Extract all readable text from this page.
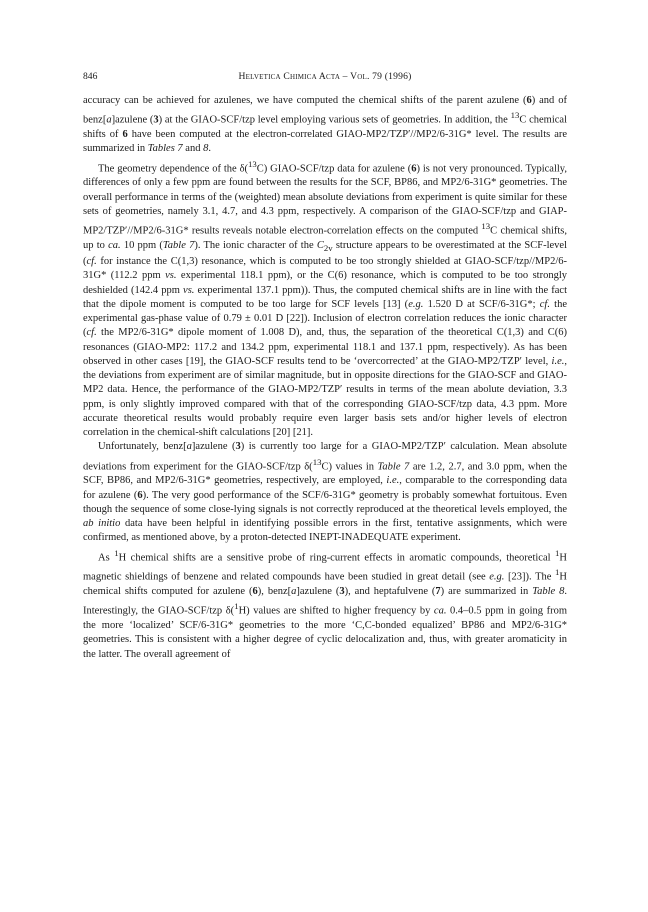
846	Helvetica Chimica Acta – Vol. 79 (1996)

accuracy can be achieved for azulenes, we have computed the chemical shifts of the parent azulene (6) and of benz[a]azulene (3) at the GIAO-SCF/tzp level employing various sets of geometries. In addition, the $^{13}$C chemical shifts of 6 have been computed at the electron-correlated GIAO-MP2/TZP′//MP2/6-31G* level. The results are summarized in Tables 7 and 8.

The geometry dependence of the δ($^{13}$C) GIAO-SCF/tzp data for azulene (6) is not very pronounced. Typically, differences of only a few ppm are found between the results for the SCF, BP86, and MP2/6-31G* geometries. The overall performance in terms of the (weighted) mean absolute deviations from experiment is quite similar for these sets of geometries, namely 3.1, 4.7, and 4.3 ppm, respectively. A comparison of the GIAO-SCF/tzp and GIAP-MP2/TZP′//MP2/6-31G* results reveals notable electron-correlation effects on the computed $^{13}$C chemical shifts, up to ca. 10 ppm (Table 7). The ionic character of the $C_{2v}$ structure appears to be overestimated at the SCF-level (cf. for instance the C(1,3) resonance, which is computed to be too strongly shielded at GIAO-SCF/tzp//MP2/6-31G* (112.2 ppm vs. experimental 118.1 ppm), or the C(6) resonance, which is computed to be too strongly deshielded (142.4 ppm vs. experimental 137.1 ppm)). Thus, the computed chemical shifts are in line with the fact that the dipole moment is computed to be too large for SCF levels [13] (e.g. 1.520 D at SCF/6-31G*; cf. the experimental gas-phase value of 0.79 ± 0.01 D [22]). Inclusion of electron correlation reduces the ionic character (cf. the MP2/6-31G* dipole moment of 1.008 D), and, thus, the separation of the theoretical C(1,3) and C(6) resonances (GIAO-MP2: 117.2 and 134.2 ppm, experimental 118.1 and 137.1 ppm, respectively). As has been observed in other cases [19], the GIAO-SCF results tend to be ‘overcorrected’ at the GIAO-MP2/TZP′ level, i.e., the deviations from experiment are of similar magnitude, but in opposite directions for the GIAO-SCF and GIAO-MP2 data. Hence, the performance of the GIAO-MP2/TZP′ results in terms of the mean abolute deviation, 3.3 ppm, is only slightly improved compared with that of the corresponding GIAO-SCF/tzp data, 4.3 ppm. More accurate theoretical results would probably require even larger basis sets and/or higher levels of electron correlation in the chemical-shift calculations [20] [21].

Unfortunately, benz[a]azulene (3) is currently too large for a GIAO-MP2/TZP′ calculation. Mean absolute deviations from experiment for the GIAO-SCF/tzp δ($^{13}$C) values in Table 7 are 1.2, 2.7, and 3.0 ppm, when the SCF, BP86, and MP2/6-31G* geometries, respectively, are employed, i.e., comparable to the corresponding data for azulene (6). The very good performance of the SCF/6-31G* geometry is probably somewhat fortuitous. Even though the sequence of some close-lying signals is not correctly reproduced at the theoretical levels employed, the ab initio data have been helpful in identifying possible errors in the first, tentative assignments, which were confirmed, as mentioned above, by a proton-detected INEPT-INADEQUATE experiment.

As $^1$H chemical shifts are a sensitive probe of ring-current effects in aromatic compounds, theoretical $^1$H magnetic shieldings of benzene and related compounds have been studied in great detail (see e.g. [23]). The $^1$H chemical shifts computed for azulene (6), benz[a]azulene (3), and heptafulvene (7) are summarized in Table 8. Interestingly, the GIAO-SCF/tzp δ($^1$H) values are shifted to higher frequency by ca. 0.4–0.5 ppm in going from the more ‘localized’ SCF/6-31G* geometries to the more ‘C,C-bonded equalized’ BP86 and MP2/6-31G* geometries. This is consistent with a higher degree of cyclic delocalization and, thus, with greater aromaticity in the latter. The overall agreement of
